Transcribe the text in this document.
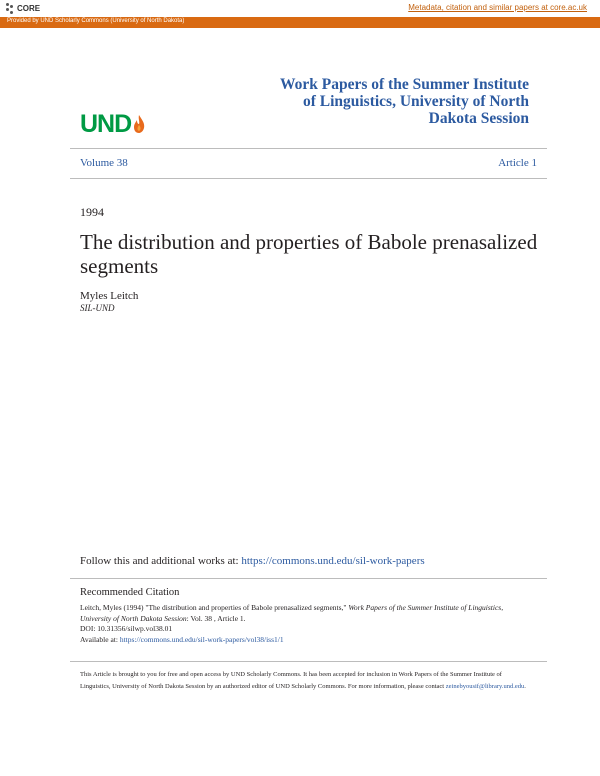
CORE	Metadata, citation and similar papers at core.ac.uk
Provided by UND Scholarly Commons (University of North Dakota)
UND
Work Papers of the Summer Institute of Linguistics, University of North Dakota Session
Volume 38	Article 1
1994
The distribution and properties of Babole prenasalized segments
Myles Leitch
SIL-UND
Follow this and additional works at: https://commons.und.edu/sil-work-papers
Recommended Citation
Leitch, Myles (1994) "The distribution and properties of Babole prenasalized segments," Work Papers of the Summer Institute of Linguistics, University of North Dakota Session: Vol. 38 , Article 1.
DOI: 10.31356/silwp.vol38.01
Available at: https://commons.und.edu/sil-work-papers/vol38/iss1/1
This Article is brought to you for free and open access by UND Scholarly Commons. It has been accepted for inclusion in Work Papers of the Summer Institute of Linguistics, University of North Dakota Session by an authorized editor of UND Scholarly Commons. For more information, please contact zeinebyousif@library.und.edu.
